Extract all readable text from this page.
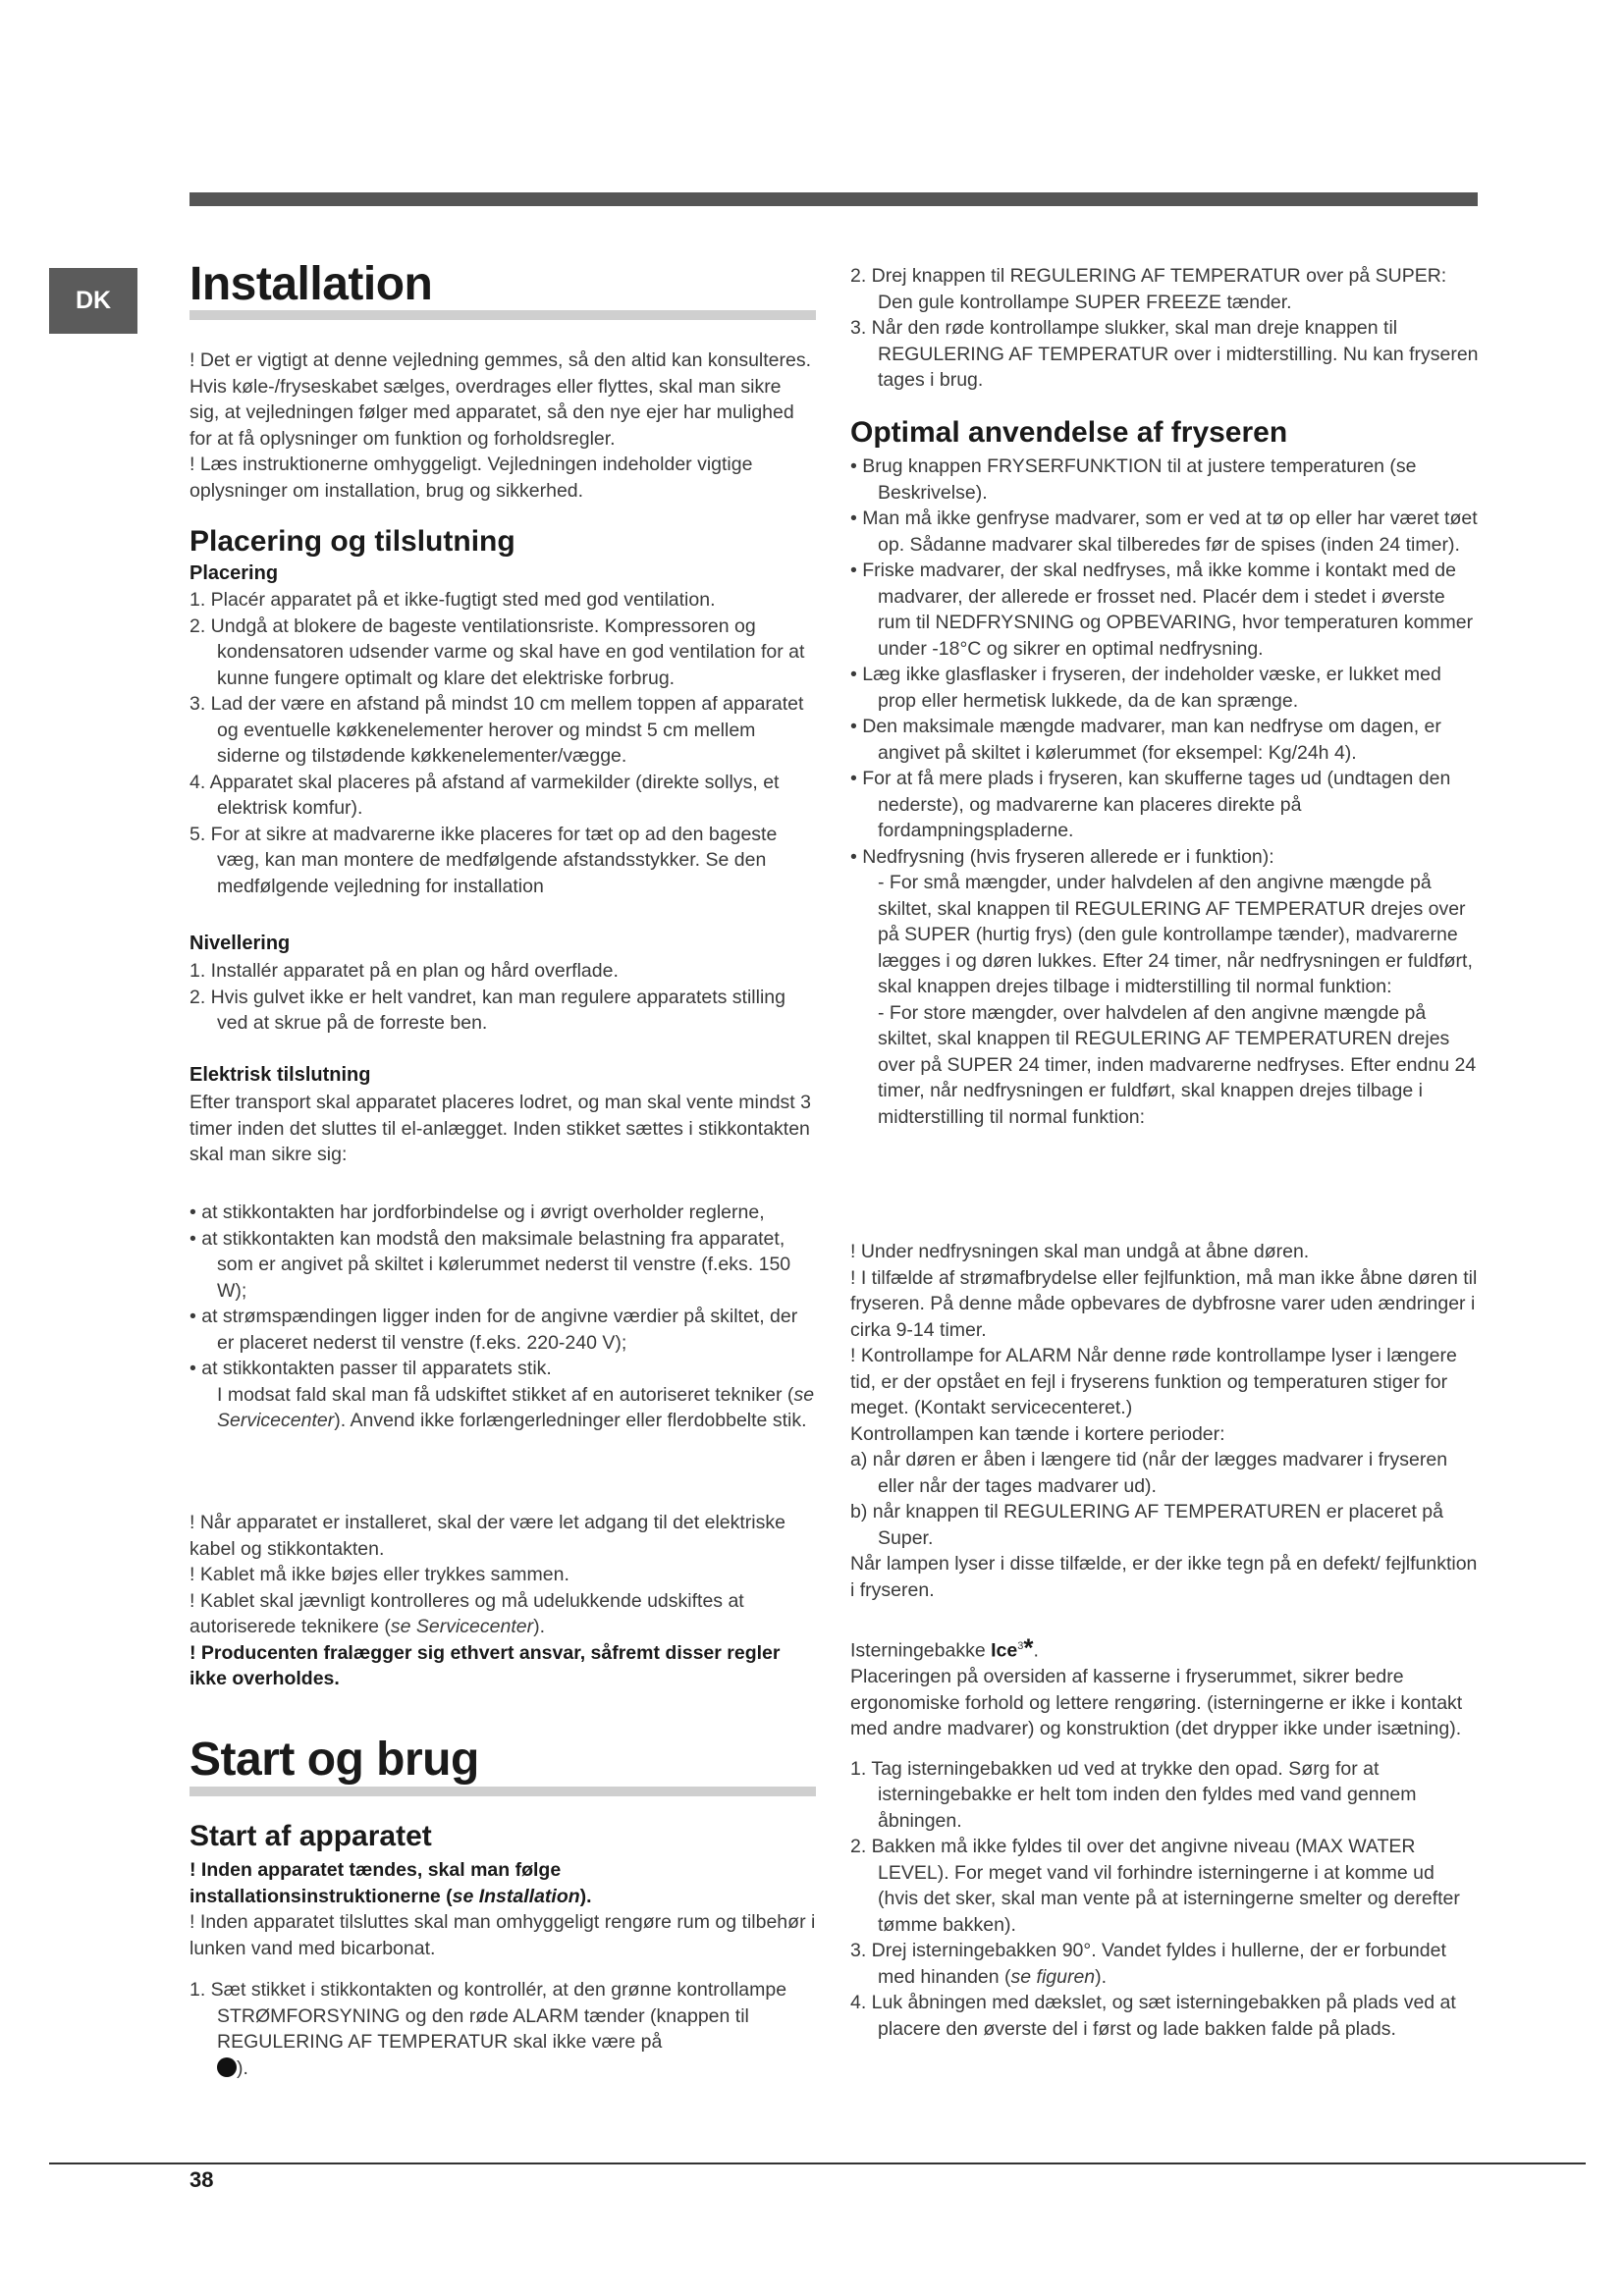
DK	Installation

! Det er vigtigt at denne vejledning gemmes, så den altid kan konsulteres. Hvis køle-/fryseskabet sælges, overdrages eller flyttes, skal man sikre sig, at vejledningen følger med apparatet, så den nye ejer har mulighed for at få oplysninger om funktion og forholdsregler.

! Læs instruktionerne omhyggeligt. Vejledningen indeholder vigtige oplysninger om installation, brug og sikkerhed.

Placering og tilslutning
Placering

1. Placér apparatet på et ikke-fugtigt sted med god ventilation.

2. Undgå at blokere de bageste ventilationsriste. Kompressoren og kondensatoren udsender varme og skal have en god ventilation for at kunne fungere optimalt og klare det elektriske forbrug.

3. Lad der være en afstand på mindst 10 cm mellem toppen af apparatet og eventuelle køkkenelementer herover og mindst 5 cm mellem siderne og tilstødende køkkenelementer/vægge.

4. Apparatet skal placeres på afstand af varmekilder (direkte sollys, et elektrisk komfur).

5. For at sikre at madvarerne ikke placeres for tæt op ad den bageste væg, kan man montere de medfølgende afstandsstykker. Se den medfølgende vejledning for installation

Nivellering

1. Installér apparatet på en plan og hård overflade.

2. Hvis gulvet ikke er helt vandret, kan man regulere apparatets stilling ved at skrue på de forreste ben.

Elektrisk tilslutning
Efter transport skal apparatet placeres lodret, og man skal vente mindst 3 timer inden det sluttes til el-anlægget. Inden stikket sættes i stikkontakten skal man sikre sig:

• at stikkontakten har jordforbindelse og i øvrigt overholder reglerne,

• at stikkontakten kan modstå den maksimale belastning fra apparatet, som er angivet på skiltet i kølerummet nederst til venstre (f.eks. 150 W);

• at strømspændingen ligger inden for de angivne værdier på skiltet, der er placeret nederst til venstre (f.eks. 220-240 V);

• at stikkontakten passer til apparatets stik.

I modsat fald skal man få udskiftet stikket af en autoriseret tekniker (se Servicecenter). Anvend ikke forlængerledninger eller flerdobbelte stik.

! Når apparatet er installeret, skal der være let adgang til det elektriske kabel og stikkontakten.

! Kablet må ikke bøjes eller trykkes sammen.

! Kablet skal jævnligt kontrolleres og må udelukkende udskiftes at autoriserede teknikere (se Servicecenter).

! Producenten fralægger sig ethvert ansvar, såfremt disser regler ikke overholdes.

Start og brug
Start af apparatet

! Inden apparatet tændes, skal man følge installationsinstruktionerne (se Installation).

! Inden apparatet tilsluttes skal man omhyggeligt rengøre rum og tilbehør i lunken vand med bicarbonat.

1. Sæt stikket i stikkontakten og kontrollér, at den grønne kontrollampe STRØMFORSYNING og den røde ALARM tænder (knappen til REGULERING AF TEMPERATUR skal ikke være på
).

2. Drej knappen til REGULERING AF TEMPERATUR over på SUPER: Den gule kontrollampe SUPER FREEZE tænder.

3. Når den røde kontrollampe slukker, skal man dreje knappen til REGULERING AF TEMPERATUR over i midterstilling. Nu kan fryseren tages i brug.

Optimal anvendelse af fryseren

• Brug knappen FRYSERFUNKTION til at justere temperaturen (se Beskrivelse).

• Man må ikke genfryse madvarer, som er ved at tø op eller har været tøet op. Sådanne madvarer skal tilberedes før de spises (inden 24 timer).

• Friske madvarer, der skal nedfryses, må ikke komme i kontakt med de madvarer, der allerede er frosset ned. Placér dem i stedet i øverste rum til NEDFRYSNING og OPBEVARING, hvor temperaturen kommer under -18°C og sikrer en optimal nedfrysning.

• Læg ikke glasflasker i fryseren, der indeholder væske, er lukket med prop eller hermetisk lukkede, da de kan sprænge.

• Den maksimale mængde madvarer, man kan nedfryse om dagen, er angivet på skiltet i kølerummet (for eksempel: Kg/24h 4).

• For at få mere plads i fryseren, kan skufferne tages ud (undtagen den nederste), og madvarerne kan placeres direkte på fordampningspladerne.

• Nedfrysning (hvis fryseren allerede er i funktion):

- For små mængder, under halvdelen af den angivne mængde på skiltet, skal knappen til REGULERING AF TEMPERATUR drejes over på SUPER (hurtig frys) (den gule kontrollampe tænder), madvarerne lægges i og døren lukkes. Efter 24 timer, når nedfrysningen er fuldført, skal knappen drejes tilbage i midterstilling til normal funktion:

- For store mængder, over halvdelen af den angivne mængde på skiltet, skal knappen til REGULERING AF TEMPERATUREN drejes over på SUPER 24 timer, inden madvarerne nedfryses. Efter endnu 24 timer, når nedfrysningen er fuldført, skal knappen drejes tilbage i midterstilling til normal funktion:

! Under nedfrysningen skal man undgå at åbne døren.

! I tilfælde af strømafbrydelse eller fejlfunktion, må man ikke åbne døren til fryseren. På denne måde opbevares de dybfrosne varer uden ændringer i cirka 9-14 timer.

! Kontrollampe for ALARM Når denne røde kontrollampe lyser i længere tid, er der opstået en fejl i fryserens funktion og temperaturen stiger for meget. (Kontakt servicecenteret.)

Kontrollampen kan tænde i kortere perioder:

a) når døren er åben i længere tid (når der lægges madvarer i fryseren eller når der tages madvarer ud).

b) når knappen til REGULERING AF TEMPERATUREN er placeret på Super.

Når lampen lyser i disse tilfælde, er der ikke tegn på en defekt/ fejlfunktion i fryseren.

Isterningebakke Ice$^3$*.

Placeringen på oversiden af kasserne i fryserummet, sikrer bedre ergonomiske forhold og lettere rengøring. (isterningerne er ikke i kontakt med andre madvarer) og konstruktion (det drypper ikke under isætning).

1. Tag isterningebakken ud ved at trykke den opad. Sørg for at isterningebakke er helt tom inden den fyldes med vand gennem åbningen.

2. Bakken må ikke fyldes til over det angivne niveau (MAX WATER LEVEL). For meget vand vil forhindre isterningerne i at komme ud (hvis det sker, skal man vente på at isterningerne smelter og derefter tømme bakken).

3. Drej isterningebakken 90°. Vandet fyldes i hullerne, der er forbundet med hinanden (se figuren).

4. Luk åbningen med dækslet, og sæt isterningebakken på plads ved at placere den øverste del i først og lade bakken falde på plads.

38
